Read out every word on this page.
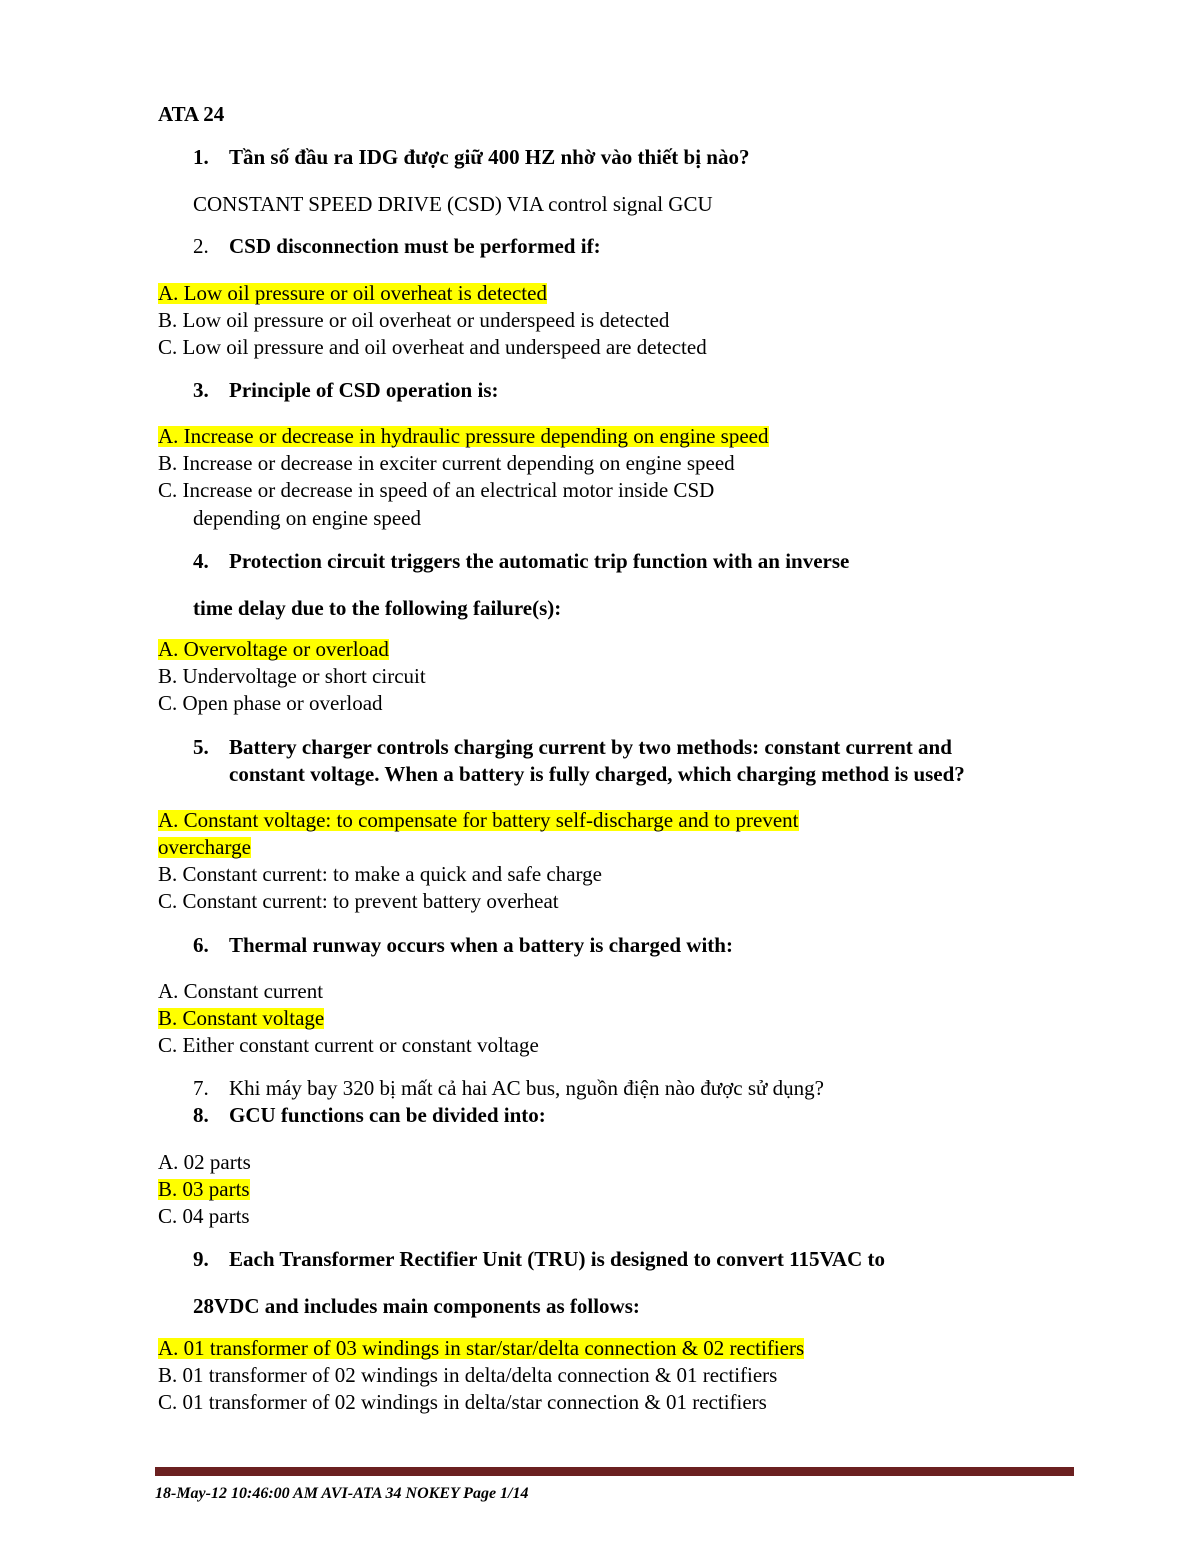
ATA 24
1. Tần số đầu ra IDG được giữ 400 HZ nhờ vào thiết bị nào?
CONSTANT SPEED DRIVE (CSD) VIA control signal GCU
2. CSD disconnection must be performed if:
A. Low oil pressure or oil overheat is detected
B. Low oil pressure or oil overheat or underspeed is detected
C. Low oil pressure and oil overheat and underspeed are detected
3. Principle of CSD operation is:
A. Increase or decrease in hydraulic pressure depending on engine speed
B. Increase or decrease in exciter current depending on engine speed
C. Increase or decrease in speed of an electrical motor inside CSD
depending on engine speed
4. Protection circuit triggers the automatic trip function with an inverse
time delay due to the following failure(s):
A. Overvoltage or overload
B. Undervoltage or short circuit
C. Open phase or overload
5. Battery charger controls charging current by two methods: constant current and
constant voltage. When a battery is fully charged, which charging method is used?
A. Constant voltage: to compensate for battery self-discharge and to prevent
overcharge
B. Constant current: to make a quick and safe charge
C. Constant current: to prevent battery overheat
6. Thermal runway occurs when a battery is charged with:
A. Constant current
B. Constant voltage
C. Either constant current or constant voltage
7. Khi máy bay 320 bị mất cả hai AC bus, nguồn điện nào được sử dụng?
8. GCU functions can be divided into:
A. 02 parts
B. 03 parts
C. 04 parts
9. Each Transformer Rectifier Unit (TRU) is designed to convert 115VAC to
28VDC and includes main components as follows:
A. 01 transformer of 03 windings in star/star/delta connection & 02 rectifiers
B. 01 transformer of 02 windings in delta/delta connection & 01 rectifiers
C. 01 transformer of 02 windings in delta/star connection & 01 rectifiers
18-May-12 10:46:00 AM AVI-ATA 34 NOKEY Page 1/14
